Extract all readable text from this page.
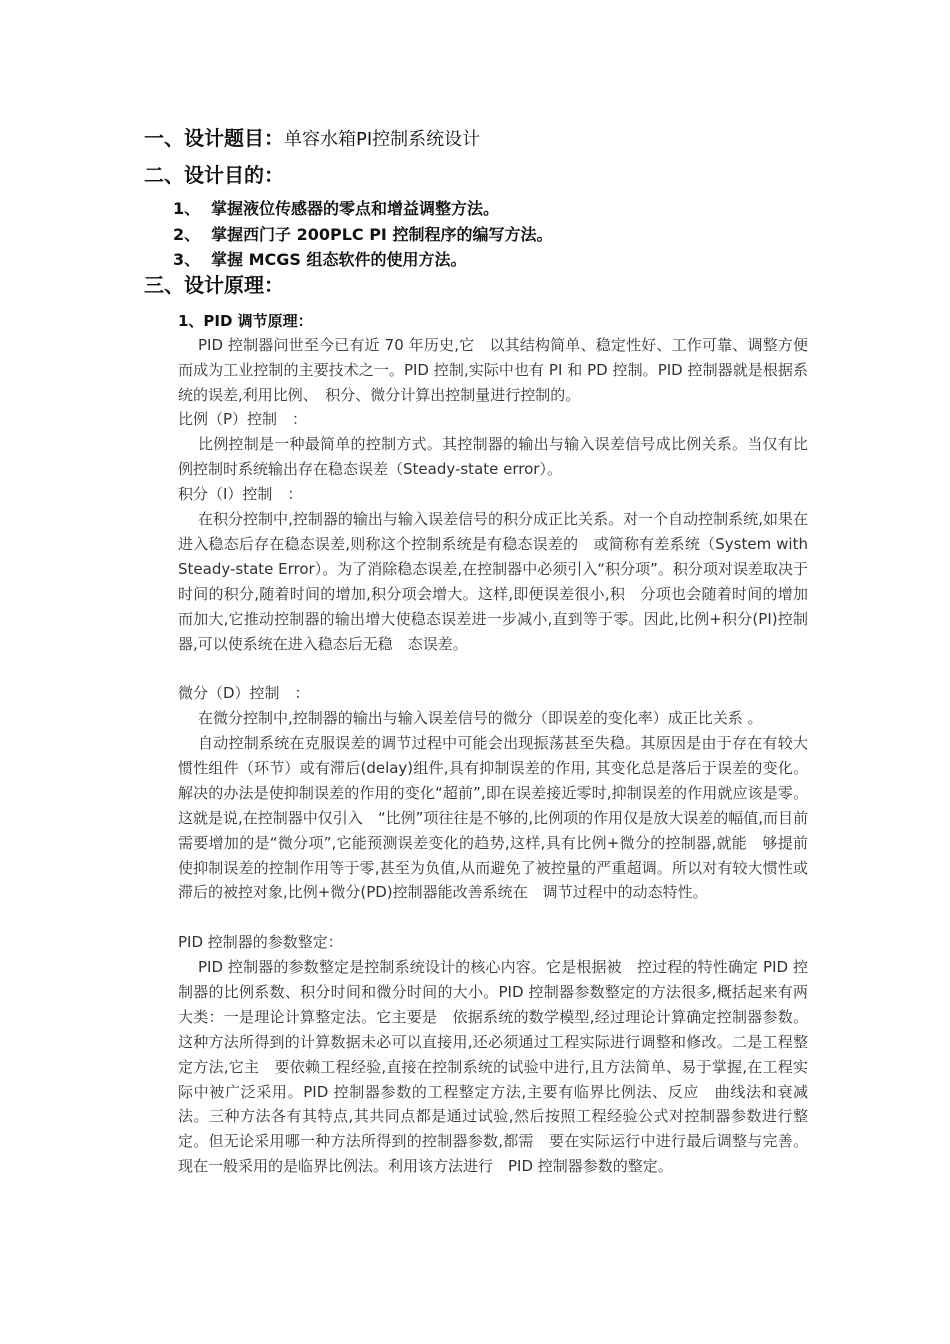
一、设计题目：单容水箱PI控制系统设计
二、设计目的：
1、 掌握液位传感器的零点和增益调整方法。
2、 掌握西门子 200PLC PI 控制程序的编写方法。
3、 掌握 MCGS 组态软件的使用方法。
三、设计原理：
1、PID 调节原理：
PID 控制器问世至今已有近 70 年历史,它　以其结构简单、稳定性好、工作可靠、调整方便而成为工业控制的主要技术之一。PID 控制,实际中也有 PI 和 PD 控制。PID 控制器就是根据系统的误差,利用比例、　积分、微分计算出控制量进行控制的。
比例（P）控制　：
比例控制是一种最简单的控制方式。其控制器的输出与输入误差信号成比例关系。当仅有比例控制时系统输出存在稳态误差（Steady-state error）。
积分（I）控制　：
在积分控制中,控制器的输出与输入误差信号的积分成正比关系。对一个自动控制系统,如果在进入稳态后存在稳态误差,则称这个控制系统是有稳态误差的　或简称有差系统（System with Steady-state Error）。为了消除稳态误差,在控制器中必须引入“积分项”。积分项对误差取决于时间的积分,随着时间的增加,积分项会增大。这样,即便误差很小,积　分项也会随着时间的增加而加大,它推动控制器的输出增大使稳态误差进一步减小,直到等于零。因此,比例+积分(PI)控制器,可以使系统在进入稳态后无稳　态误差。
微分（D）控制　：
在微分控制中,控制器的输出与输入误差信号的微分（即误差的变化率）成正比关系 。
自动控制系统在克服误差的调节过程中可能会出现振荡甚至失稳。其原因是由于存在有较大惯性组件（环节）或有滞后(delay)组件,具有抑制误差的作用, 其变化总是落后于误差的变化。解决的办法是使抑制误差的作用的变化“超前”,即在误差接近零时,抑制误差的作用就应该是零。这就是说,在控制器中仅引入　“比例”项往往是不够的,比例项的作用仅是放大误差的幅值,而目前需要增加的是“微分项”,它能预测误差变化的趋势,这样,具有比例+微分的控制器,就能　够提前使抑制误差的控制作用等于零,甚至为负值,从而避免了被控量的严重超调。所以对有较大惯性或滞后的被控对象,比例+微分(PD)控制器能改善系统在　调节过程中的动态特性。
PID 控制器的参数整定：
PID 控制器的参数整定是控制系统设计的核心内容。它是根据被　控过程的特性确定 PID 控制器的比例系数、积分时间和微分时间的大小。PID 控制器参数整定的方法很多,概括起来有两大类：一是理论计算整定法。它主要是　依据系统的数学模型,经过理论计算确定控制器参数。这种方法所得到的计算数据未必可以直接用,还必须通过工程实际进行调整和修改。二是工程整定方法,它主　要依赖工程经验,直接在控制系统的试验中进行,且方法简单、易于掌握,在工程实际中被广泛采用。PID 控制器参数的工程整定方法,主要有临界比例法、反应　曲线法和衰减法。三种方法各有其特点,其共同点都是通过试验,然后按照工程经验公式对控制器参数进行整定。但无论采用哪一种方法所得到的控制器参数,都需　要在实际运行中进行最后调整与完善。现在一般采用的是临界比例法。利用该方法进行　PID 控制器参数的整定。
